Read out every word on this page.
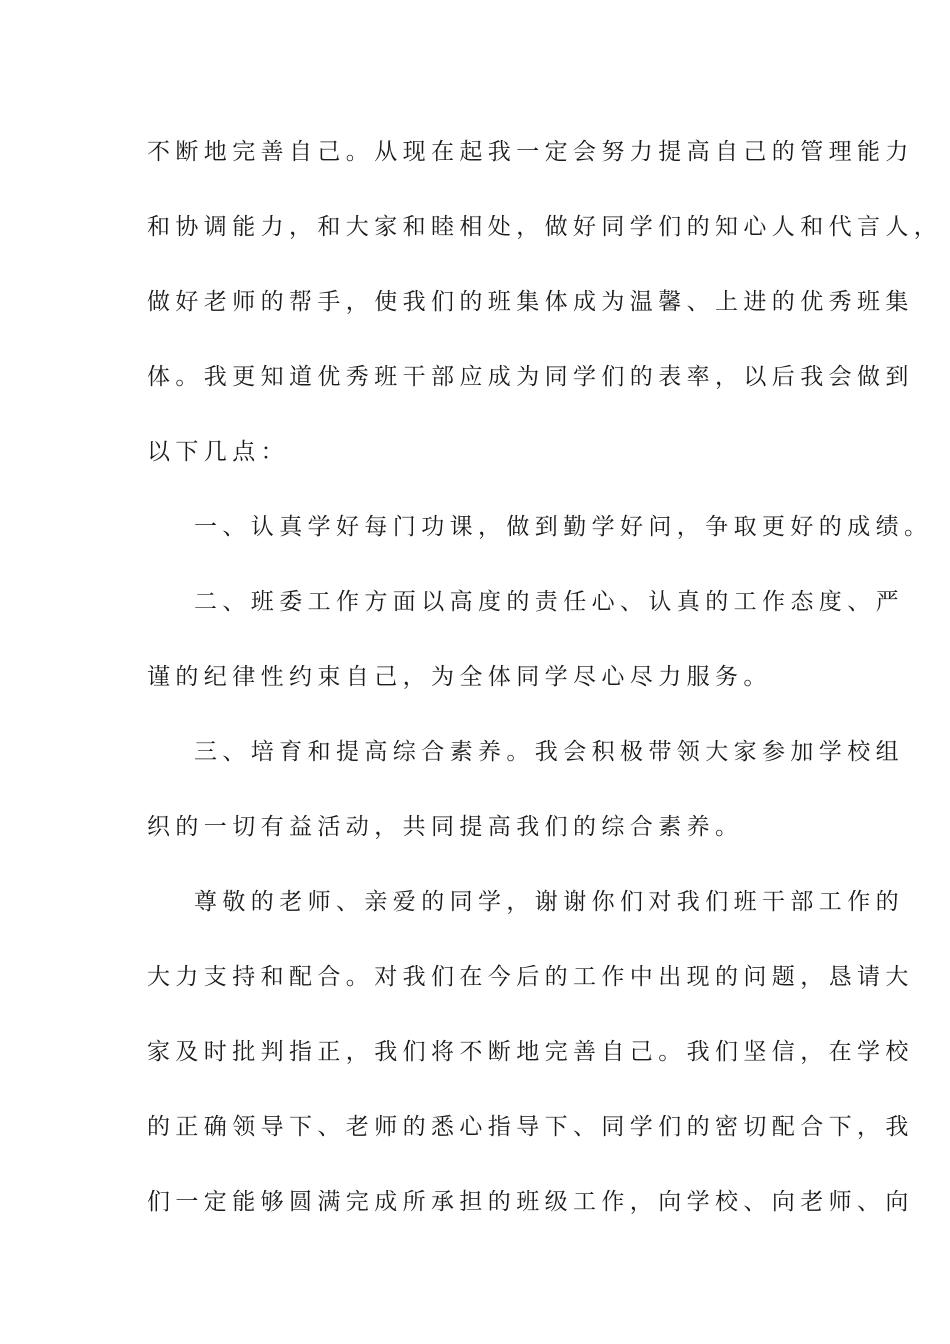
不断地完善自己。从现在起我一定会努力提高自己的管理能力

和协调能力，和大家和睦相处，做好同学们的知心人和代言人，

做好老师的帮手，使我们的班集体成为温馨、上进的优秀班集

体。我更知道优秀班干部应成为同学们的表率，以后我会做到

以下几点：

一、认真学好每门功课，做到勤学好问，争取更好的成绩。

二、班委工作方面以高度的责任心、认真的工作态度、严

谨的纪律性约束自己，为全体同学尽心尽力服务。

三、培育和提高综合素养。我会积极带领大家参加学校组

织的一切有益活动，共同提高我们的综合素养。

尊敬的老师、亲爱的同学，谢谢你们对我们班干部工作的

大力支持和配合。对我们在今后的工作中出现的问题，恳请大

家及时批判指正，我们将不断地完善自己。我们坚信，在学校

的正确领导下、老师的悉心指导下、同学们的密切配合下，我

们一定能够圆满完成所承担的班级工作，向学校、向老师、向
